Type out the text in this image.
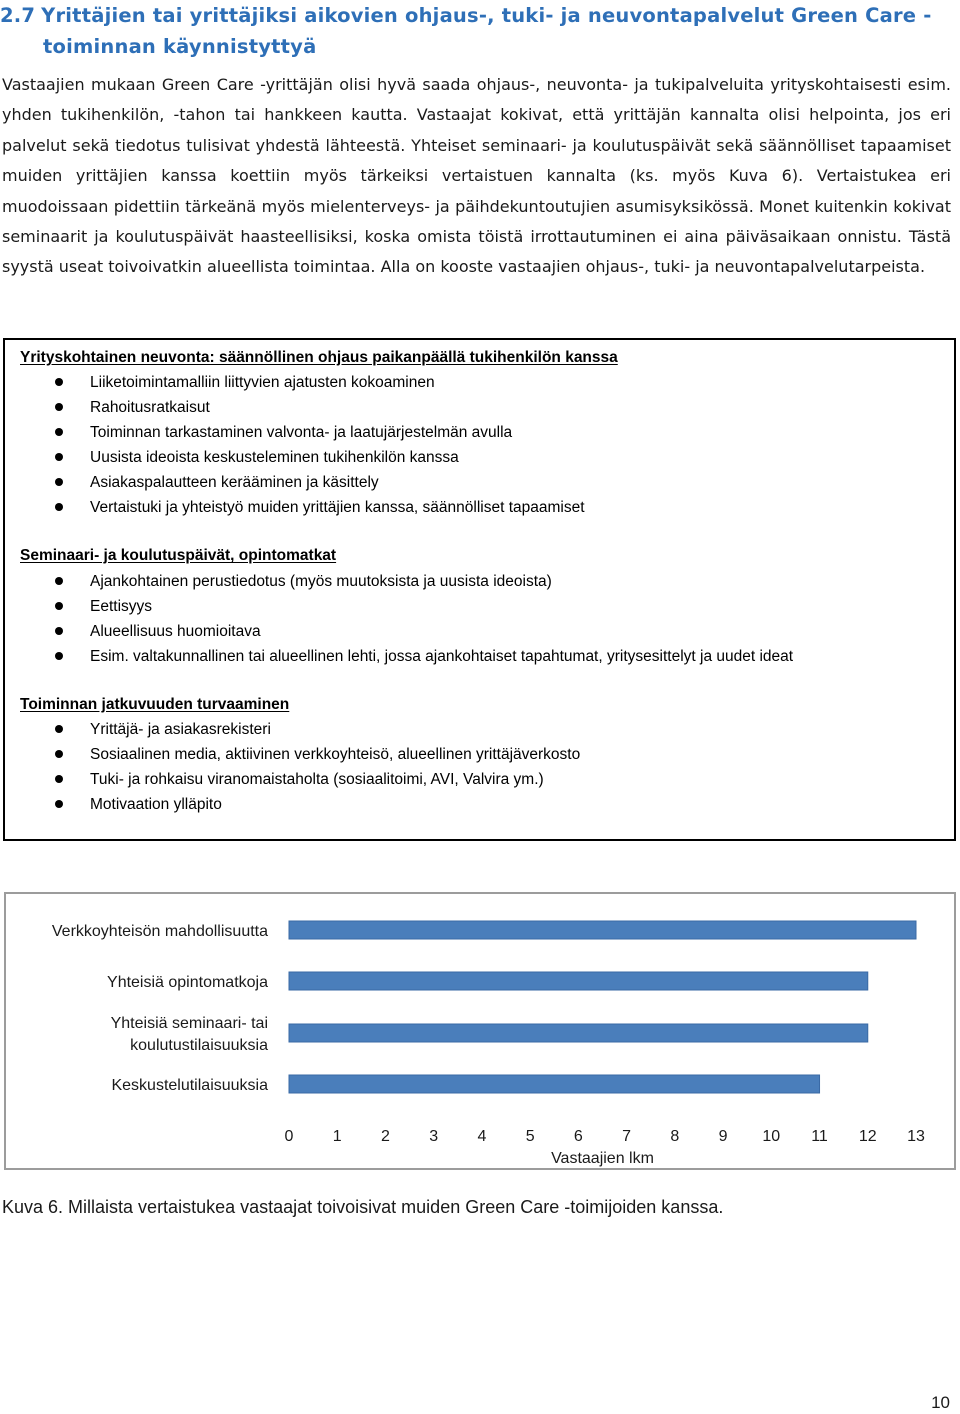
2.7 Yrittäjien tai yrittäjiksi aikovien ohjaus-, tuki- ja neuvontapalvelut Green Care -
toiminnan käynnistyttyä

Vastaajien mukaan Green Care -yrittäjän olisi hyvä saada ohjaus-, neuvonta- ja tukipalveluita yrityskohtaisesti esim. yhden tukihenkilön, -tahon tai hankkeen kautta. Vastaajat kokivat, että yrittäjän kannalta olisi helpointa, jos eri palvelut sekä tiedotus tulisivat yhdestä lähteestä. Yhteiset seminaari- ja koulutuspäivät sekä säännölliset tapaamiset muiden yrittäjien kanssa koettiin myös tärkeiksi vertaistuen kannalta (ks. myös Kuva 6). Vertaistukea eri muodoissaan pidettiin tärkeänä myös mielenterveys- ja päihdekuntoutujien asumisyksikössä. Monet kuitenkin kokivat seminaarit ja koulutuspäivät haasteellisiksi, koska omista töistä irrottautuminen ei aina päiväsaikaan onnistu. Tästä syystä useat toivoivatkin alueellista toimintaa. Alla on kooste vastaajien ohjaus-, tuki- ja neuvontapalvelutarpeista.

Yrityskohtainen neuvonta: säännöllinen ohjaus paikanpäällä tukihenkilön kanssa
Liiketoimintamalliin liittyvien ajatusten kokoaminen
Rahoitusratkaisut
Toiminnan tarkastaminen valvonta- ja laatujärjestelmän avulla
Uusista ideoista keskusteleminen tukihenkilön kanssa
Asiakaspalautteen kerääminen ja käsittely
Vertaistuki ja yhteistyö muiden yrittäjien kanssa, säännölliset tapaamiset
Seminaari- ja koulutuspäivät, opintomatkat
Ajankohtainen perustiedotus (myös muutoksista ja uusista ideoista)
Eettisyys
Alueellisuus huomioitava
Esim. valtakunnallinen tai alueellinen lehti, jossa ajankohtaiset tapahtumat, yritysesittelyt ja uudet ideat
Toiminnan jatkuvuuden turvaaminen
Yrittäjä- ja asiakasrekisteri
Sosiaalinen media, aktiivinen verkkoyhteisö, alueellinen yrittäjäverkosto
Tuki- ja rohkaisu viranomaistaholta (sosiaalitoimi, AVI, Valvira ym.)
Motivaation ylläpito
Verkkoyhteisön mahdollisuutta
Yhteisiä opintomatkoja
Yhteisiä seminaari- tai
koulutustilaisuuksia
Keskustelutilaisuuksia
0 1 2 3 4 5 6 7 8 9 10 11 12 13
Vastaajien lkm

Kuva 6. Millaista vertaistukea vastaajat toivoisivat muiden Green Care -toimijoiden kanssa.

10
